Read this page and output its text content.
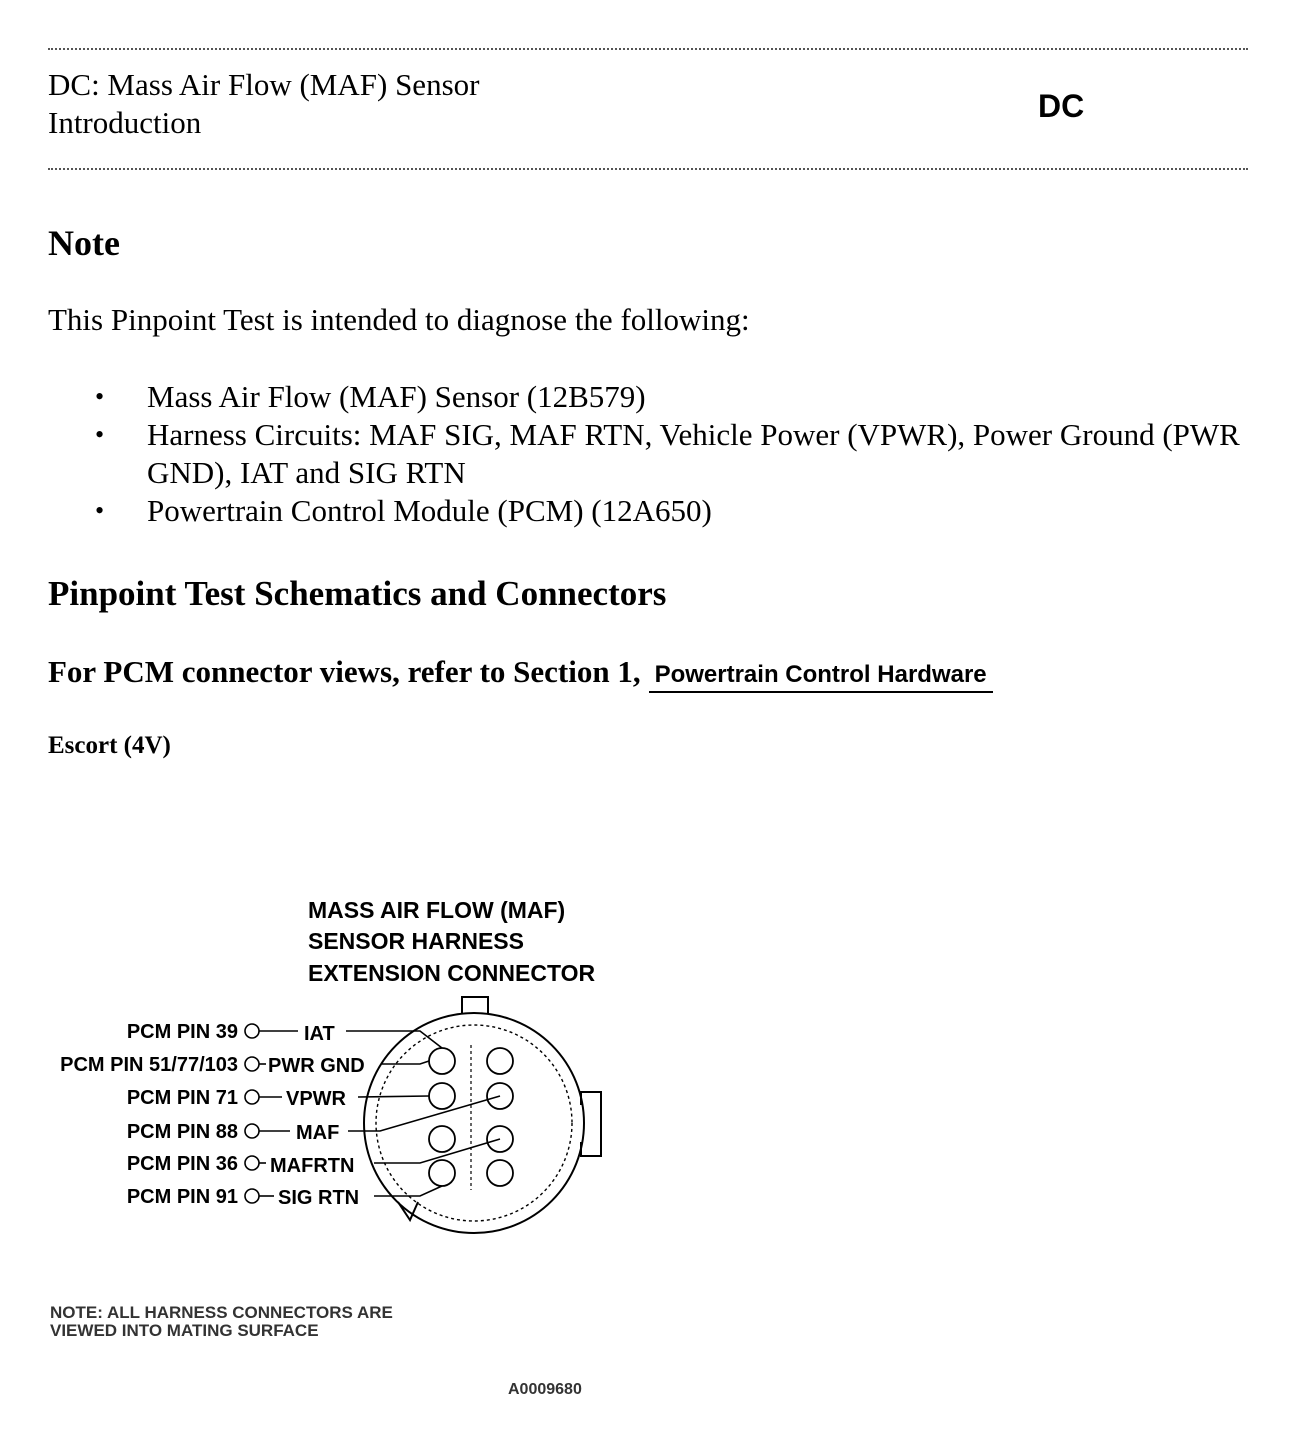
DC: Mass Air Flow (MAF) Sensor
Introduction	DC
Note
This Pinpoint Test is intended to diagnose the following:
• Mass Air Flow (MAF) Sensor (12B579)
• Harness Circuits: MAF SIG, MAF RTN, Vehicle Power (VPWR), Power Ground (PWR GND), IAT and SIG RTN
• Powertrain Control Module (PCM) (12A650)
Pinpoint Test Schematics and Connectors
For PCM connector views, refer to Section 1, Powertrain Control Hardware
Escort (4V)
MASS AIR FLOW (MAF)
SENSOR HARNESS
EXTENSION CONNECTOR
PCM PIN 39
PCM PIN 51/77/103
PCM PIN 71
PCM PIN 88
PCM PIN 36
PCM PIN 91
IAT
PWR GND
VPWR
MAF
MAFRTN
SIG RTN
NOTE: ALL HARNESS CONNECTORS ARE
VIEWED INTO MATING SURFACE
A0009680
